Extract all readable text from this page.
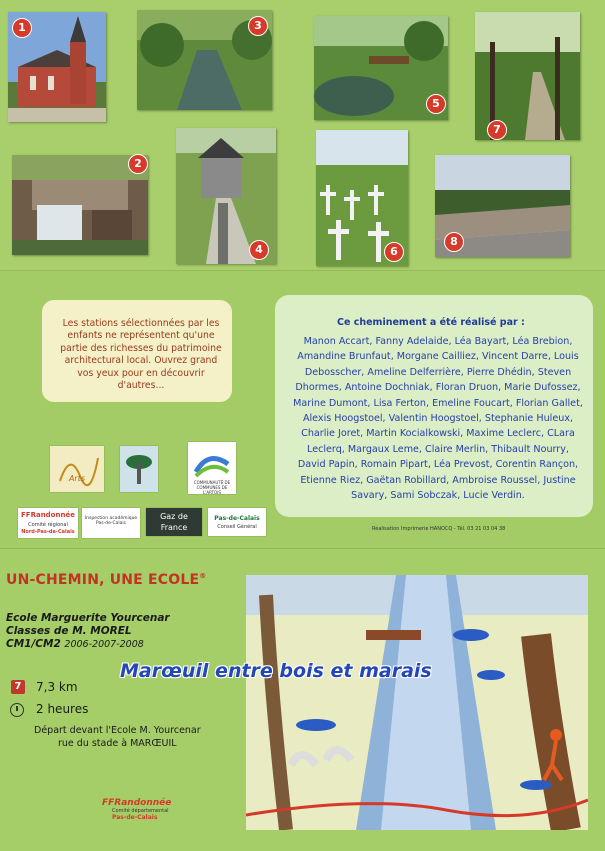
1	3
5
7
2
4	6
8

Les stations sélectionnées par les enfants ne représentent qu'une partie des richesses du patrimoine architectural local. Ouvrez grand vos yeux pour en découvrir d'autres...

Ce cheminement a été réalisé par :

Manon Accart, Fanny Adelaide, Léa Bayart, Léa Brebion, Amandine Brunfaut, Morgane Cailliez, Vincent Darre, Louis Debosscher, Ameline Delferrière, Pierre Dhédin, Steven Dhormes, Antoine Dochniak, Floran Druon, Marie Dufossez, Marine Dumont, Lisa Ferton, Emeline Foucart, Florian Gallet, Alexis Hoogstoel, Valentin Hoogstoel, Stephanie Huleux, Charlie Joret, Martin Kocialkowski, Maxime Leclerc, CLara Leclerq, Margaux Leme, Claire Merlin, Thibault Nourry, David Papin, Romain Pipart, Léa Prevost, Corentin Rançon, Etienne Riez, Gaëtan Robillard, Ambroise Roussel, Justine Savary, Sami Sobczak, Lucie Verdin.

Réalisation Imprimerie HANOCQ - Tél. 03 21 03 04 38
Arts	COMMUNAUTÉ DE COMMUNES DE L'ARTOIS
FFRandonnée
Comité régional
Nord-Pas-de-Calais
Inspection académique Pas-de-Calais
Gaz de
France
Pas-de-Calais
Conseil Général
UN-CHEMIN, UNE ECOLE®
Ecole Marguerite Yourcenar
Classes de M. MOREL
CM1/CM2 2006-2007-2008
Marœuil entre bois et marais
7 7,3 km
2 heures
Départ devant l'Ecole M. Yourcenar
rue du stade à MARŒUIL
FFRandonnée
Comité départemental
Pas-de-Calais
